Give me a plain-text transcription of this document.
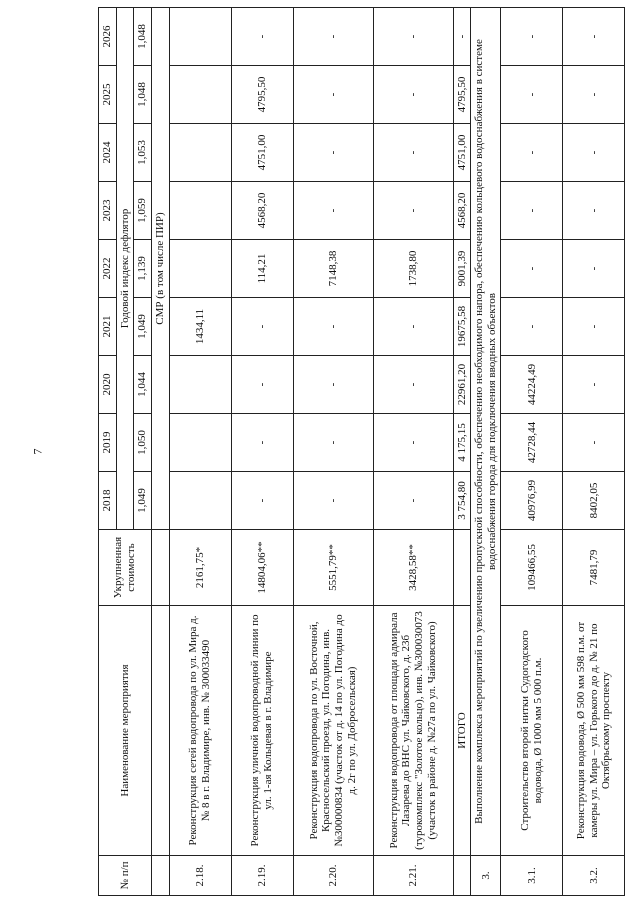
7
№ п/п	Наименование мероприятия	Укрупненная стоимость	2018	2019	2020	2021	2022	2023	2024	2025	2026
			Годовой индекс дефлятор								
			1,049	1,050	1,044	1,049	1,139	1,059	1,053	1,048	1,048
			СМР (в том числе ПИР)								
2.18.	Реконструкция сетей водопровода по ул. Мира д. № 8 в г. Владимире, инв. № 300033490	2161,75*				1434,11					
2.19.	Реконструкция уличной водопроводной линии по ул. 1-ая Кольцевая в г. Владимире	14804,06**	-	-	-	-	114,21	4568,20	4751,00	4795,50	-
2.20.	Реконструкция водопровода по ул. Восточной, Красносельский проезд, ул. Погодина, инв. №300000834 (участок от д. 14 по ул. Погодина до д. 2г по ул. Добросельская)	5551,79**	-	-	-	-	7148,38	-	-	-	-
2.21.	Реконструкция водопровода от площади адмирала Лазарева до ВНС ул. Чайковского, д. 23б (турокомплекс "Золотое кольцо), инв. №300030073 (участок в районе д. №27а по ул. Чайковского)	3428,58**	-	-	-	-	1738,80	-	-	-	-
	ИТОГО		3 754,80	4 175,15	22961,20	19675,58	9001,39	4568,20	4751,00	4795,50	-
3.	Выполнение комплекса мероприятий по увеличению пропускной способности, обеспечению необходимого напора, обеспечению кольцевого водоснабжения в системе водоснабжения города для подключения вводных объектов										
3.1.	Строительство второй нитки Судогодского водовода, Ø 1000 мм 5 000 п.м.	109466,55	40976,99	42728,44	44224,49	-	-	-	-	-	-
3.2.	Реконструкция водовода, Ø 500 мм 598 п.м. от камеры ул. Мира – ул. Горького до д. № 21 по Октябрьскому проспекту	7481,79	8402,05	-	-	-	-	-	-	-	-
